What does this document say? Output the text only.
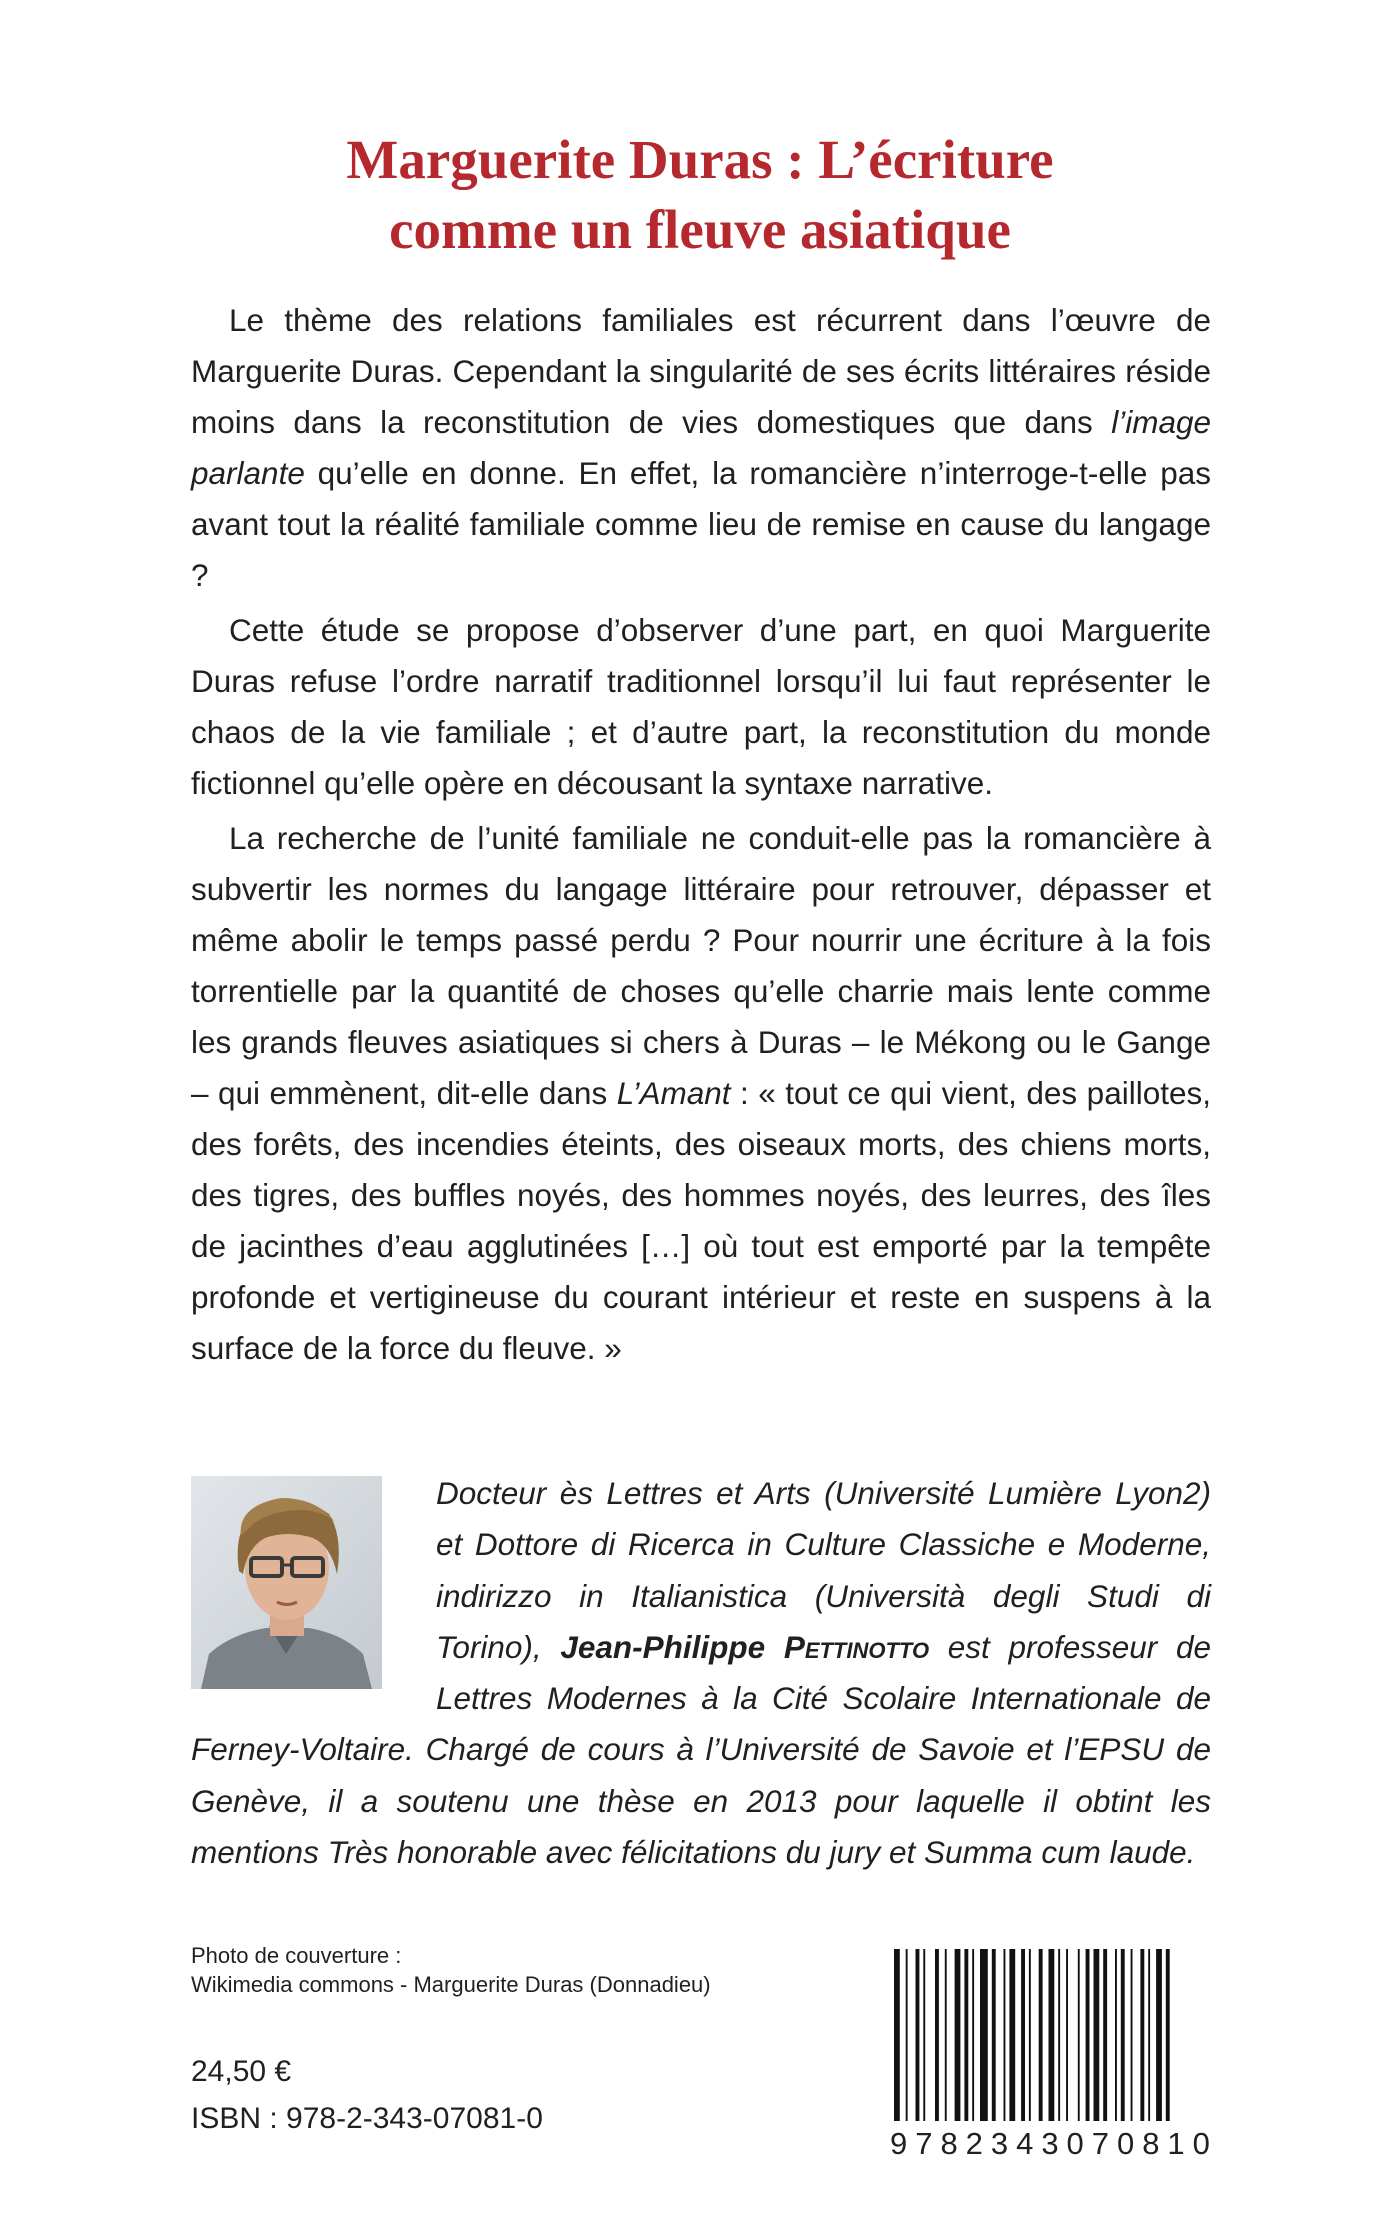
Marguerite Duras : L’écriture
comme un fleuve asiatique

Le thème des relations familiales est récurrent dans l’œuvre de Marguerite Duras. Cependant la singularité de ses écrits littéraires réside moins dans la reconstitution de vies domestiques que dans l’image parlante qu’elle en donne. En effet, la romancière n’interroge-t-elle pas avant tout la réalité familiale comme lieu de remise en cause du langage ?

Cette étude se propose d’observer d’une part, en quoi Marguerite Duras refuse l’ordre narratif traditionnel lorsqu’il lui faut représenter le chaos de la vie familiale ; et d’autre part, la reconstitution du monde fictionnel qu’elle opère en décousant la syntaxe narrative.

La recherche de l’unité familiale ne conduit-elle pas la romancière à subvertir les normes du langage littéraire pour retrouver, dépasser et même abolir le temps passé perdu ? Pour nourrir une écriture à la fois torrentielle par la quantité de choses qu’elle charrie mais lente comme les grands fleuves asiatiques si chers à Duras – le Mékong ou le Gange – qui emmènent, dit-elle dans L’Amant : « tout ce qui vient, des paillotes, des forêts, des incendies éteints, des oiseaux morts, des chiens morts, des tigres, des buffles noyés, des hommes noyés, des leurres, des îles de jacinthes d’eau agglutinées […] où tout est emporté par la tempête profonde et vertigineuse du courant intérieur et reste en suspens à la surface de la force du fleuve. »

Docteur ès Lettres et Arts (Université Lumière Lyon2) et Dottore di Ricerca in Culture Classiche e Moderne, indirizzo in Italianistica (Università degli Studi di Torino), Jean-Philippe Pettinotto est professeur de Lettres Modernes à la Cité Scolaire Internationale de Ferney-Voltaire. Chargé de cours à l’Université de Savoie et l’EPSU de Genève, il a soutenu une thèse en 2013 pour laquelle il obtint les mentions Très honorable avec félicitations du jury et Summa cum laude.
Photo de couverture :
Wikimedia commons - Marguerite Duras (Donnadieu)
24,50 €
ISBN : 978-2-343-07081-0
9 7 8 2 3 4 3 0 7 0 8 1 0
